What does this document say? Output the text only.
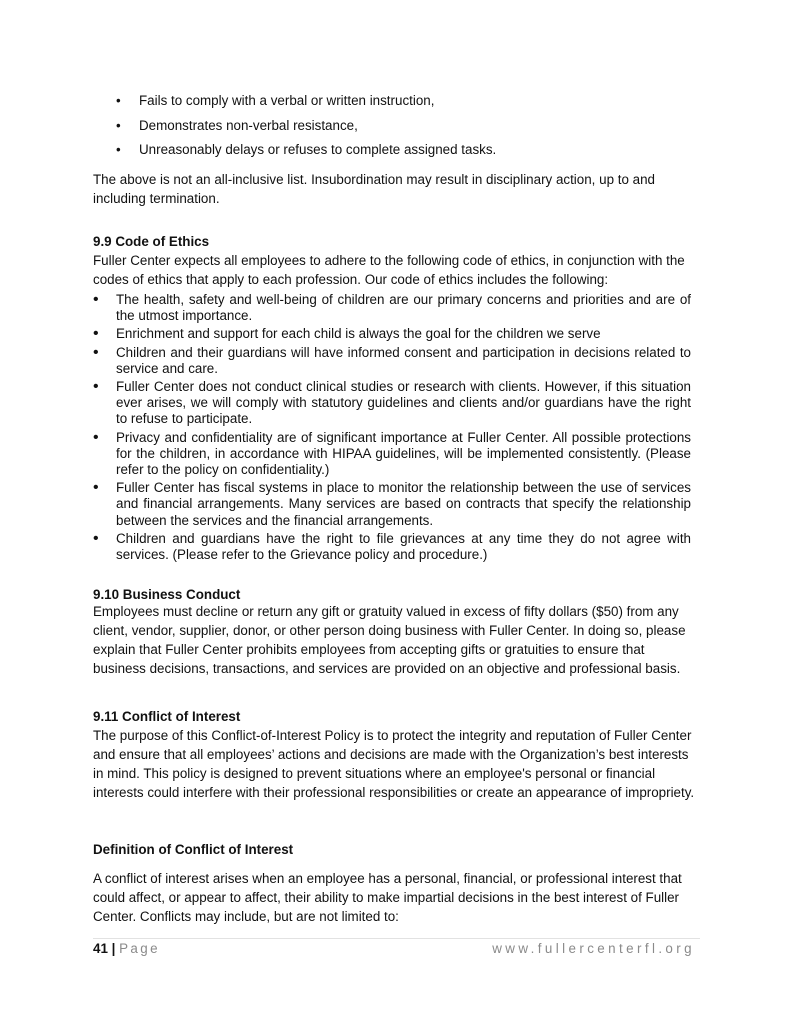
• Fails to comply with a verbal or written instruction,
• Demonstrates non-verbal resistance,
• Unreasonably delays or refuses to complete assigned tasks.

The above is not an all-inclusive list. Insubordination may result in disciplinary action, up to and including termination.

9.9 Code of Ethics

Fuller Center expects all employees to adhere to the following code of ethics, in conjunction with the codes of ethics that apply to each profession. Our code of ethics includes the following:

• The health, safety and well-being of children are our primary concerns and priorities and are of the utmost importance.
• Enrichment and support for each child is always the goal for the children we serve
• Children and their guardians will have informed consent and participation in decisions related to service and care.
• Fuller Center does not conduct clinical studies or research with clients. However, if this situation ever arises, we will comply with statutory guidelines and clients and/or guardians have the right to refuse to participate.
• Privacy and confidentiality are of significant importance at Fuller Center. All possible protections for the children, in accordance with HIPAA guidelines, will be implemented consistently. (Please refer to the policy on confidentiality.)
• Fuller Center has fiscal systems in place to monitor the relationship between the use of services and financial arrangements. Many services are based on contracts that specify the relationship between the services and the financial arrangements.
• Children and guardians have the right to file grievances at any time they do not agree with services. (Please refer to the Grievance policy and procedure.)

9.10 Business Conduct

Employees must decline or return any gift or gratuity valued in excess of fifty dollars ($50) from any client, vendor, supplier, donor, or other person doing business with Fuller Center. In doing so, please explain that Fuller Center prohibits employees from accepting gifts or gratuities to ensure that business decisions, transactions, and services are provided on an objective and professional basis.

9.11 Conflict of Interest

The purpose of this Conflict-of-Interest Policy is to protect the integrity and reputation of Fuller Center and ensure that all employees’ actions and decisions are made with the Organization’s best interests in mind. This policy is designed to prevent situations where an employee's personal or financial interests could interfere with their professional responsibilities or create an appearance of impropriety.

Definition of Conflict of Interest

A conflict of interest arises when an employee has a personal, financial, or professional interest that could affect, or appear to affect, their ability to make impartial decisions in the best interest of Fuller Center. Conflicts may include, but are not limited to:

41 | Page	www.fullercenterfl.org
